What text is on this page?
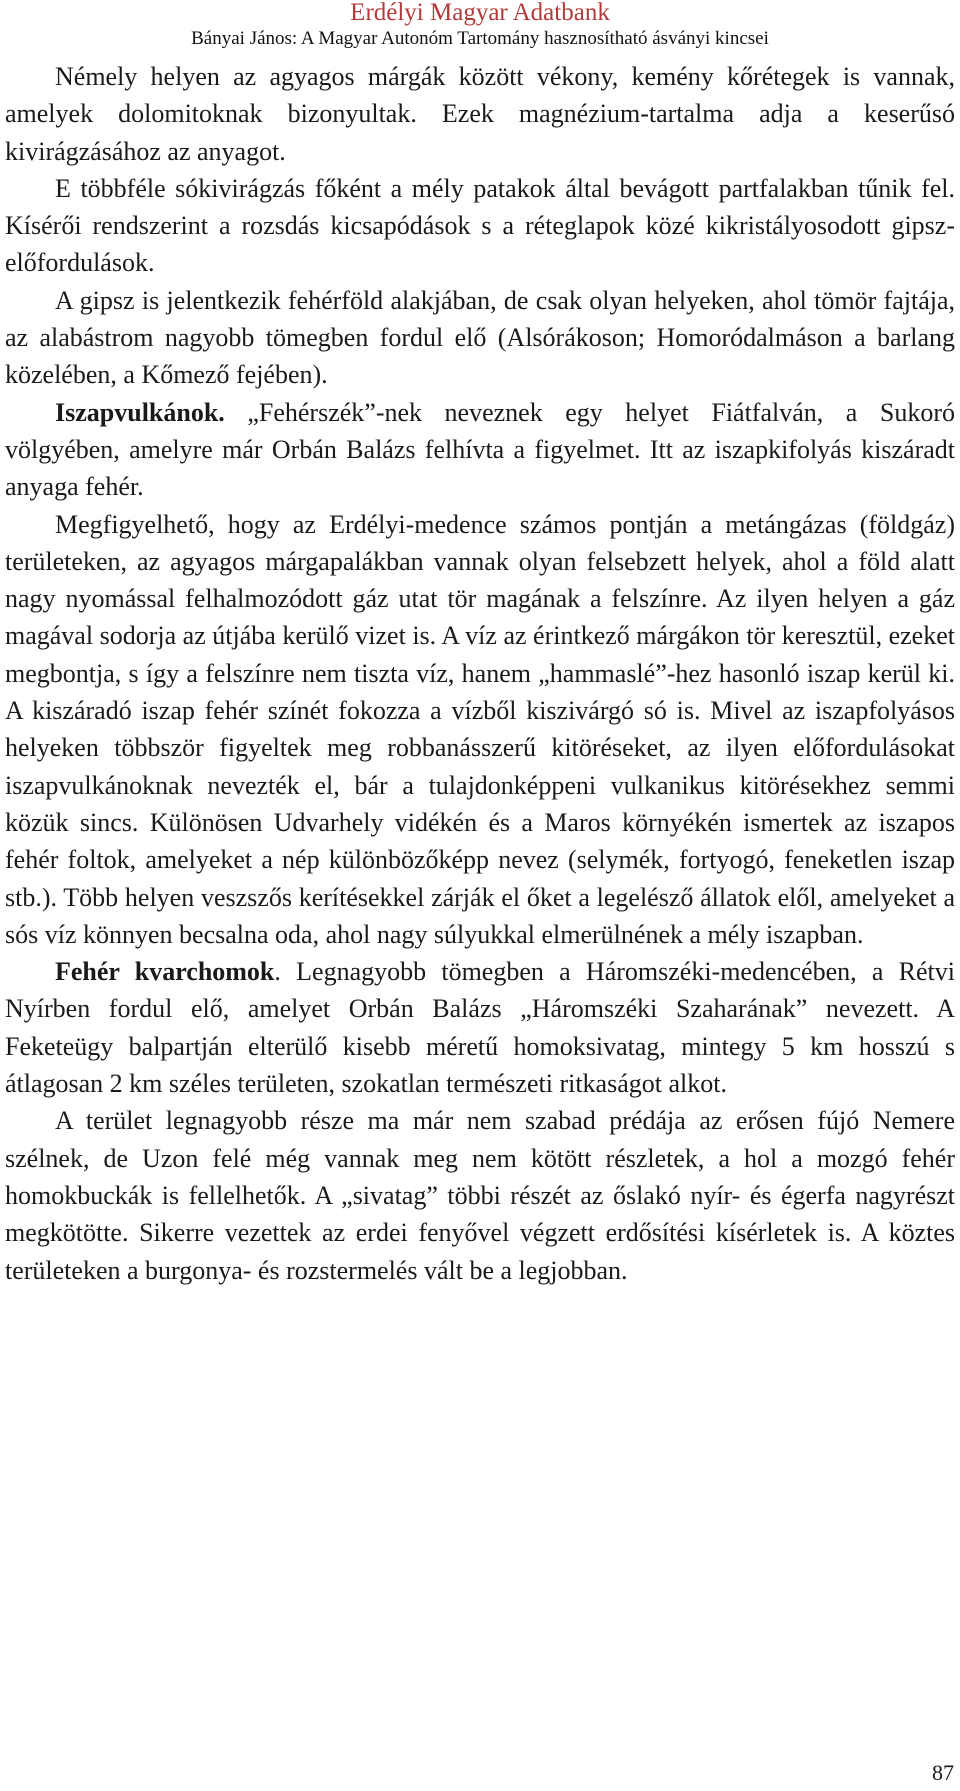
Erdélyi Magyar Adatbank
Bányai János: A Magyar Autonóm Tartomány hasznosítható ásványi kincsei

Némely helyen az agyagos márgák között vékony, kemény kőrétegek is vannak, amelyek dolomitoknak bizonyultak. Ezek magnézium-tartalma adja a keserűsó kivirágzásához az anyagot.

E többféle sókivirágzás főként a mély patakok által bevágott partfalakban tűnik fel. Kísérői rendszerint a rozsdás kicsapódások s a réteglapok közé kikristályosodott gipsz-előfordulások.

A gipsz is jelentkezik fehérföld alakjában, de csak olyan helyeken, ahol tömör fajtája, az alabástrom nagyobb tömegben fordul elő (Alsórákoson; Homoródalmáson a barlang közelében, a Kőmező fejében).

Iszapvulkánok. „Fehérszék”-nek neveznek egy helyet Fiátfalván, a Sukoró völgyében, amelyre már Orbán Balázs felhívta a figyelmet. Itt az iszapkifolyás kiszáradt anyaga fehér.

Megfigyelhető, hogy az Erdélyi-medence számos pontján a metángázas (földgáz) területeken, az agyagos márgapalákban vannak olyan felsebzett helyek, ahol a föld alatt nagy nyomással felhalmozódott gáz utat tör magának a felszínre. Az ilyen helyen a gáz magával sodorja az útjába kerülő vizet is. A víz az érintkező márgákon tör keresztül, ezeket megbontja, s így a felszínre nem tiszta víz, hanem „hammaslé”-hez hasonló iszap kerül ki. A kiszáradó iszap fehér színét fokozza a vízből kiszivárgó só is. Mivel az iszapfolyásos helyeken többször figyeltek meg robbanásszerű kitöréseket, az ilyen előfordulásokat iszapvulkánoknak nevezték el, bár a tulajdonképpeni vulkanikus kitörésekhez semmi közük sincs. Különösen Udvarhely vidékén és a Maros környékén ismertek az iszapos fehér foltok, amelyeket a nép különbözőképp nevez (selymék, fortyogó, feneketlen iszap stb.). Több helyen veszszős kerítésekkel zárják el őket a legelésző állatok elől, amelyeket a sós víz könnyen becsalna oda, ahol nagy súlyukkal elmerülnének a mély iszapban.

Fehér kvarchomok. Legnagyobb tömegben a Háromszéki-medencében, a Rétvi Nyírben fordul elő, amelyet Orbán Balázs „Háromszéki Szaharának” nevezett. A Feketeügy balpartján elterülő kisebb méretű homoksivatag, mintegy 5 km hosszú s átlagosan 2 km széles területen, szokatlan természeti ritkaságot alkot.

A terület legnagyobb része ma már nem szabad prédája az erősen fújó Nemere szélnek, de Uzon felé még vannak meg nem kötött részletek, a hol a mozgó fehér homokbuckák is fellelhetők. A „sivatag” többi részét az őslakó nyír- és égerfa nagyrészt megkötötte. Sikerre vezettek az erdei fenyővel végzett erdősítési kísérletek is. A köztes területeken a burgonya- és rozstermelés vált be a legjobban.

87
